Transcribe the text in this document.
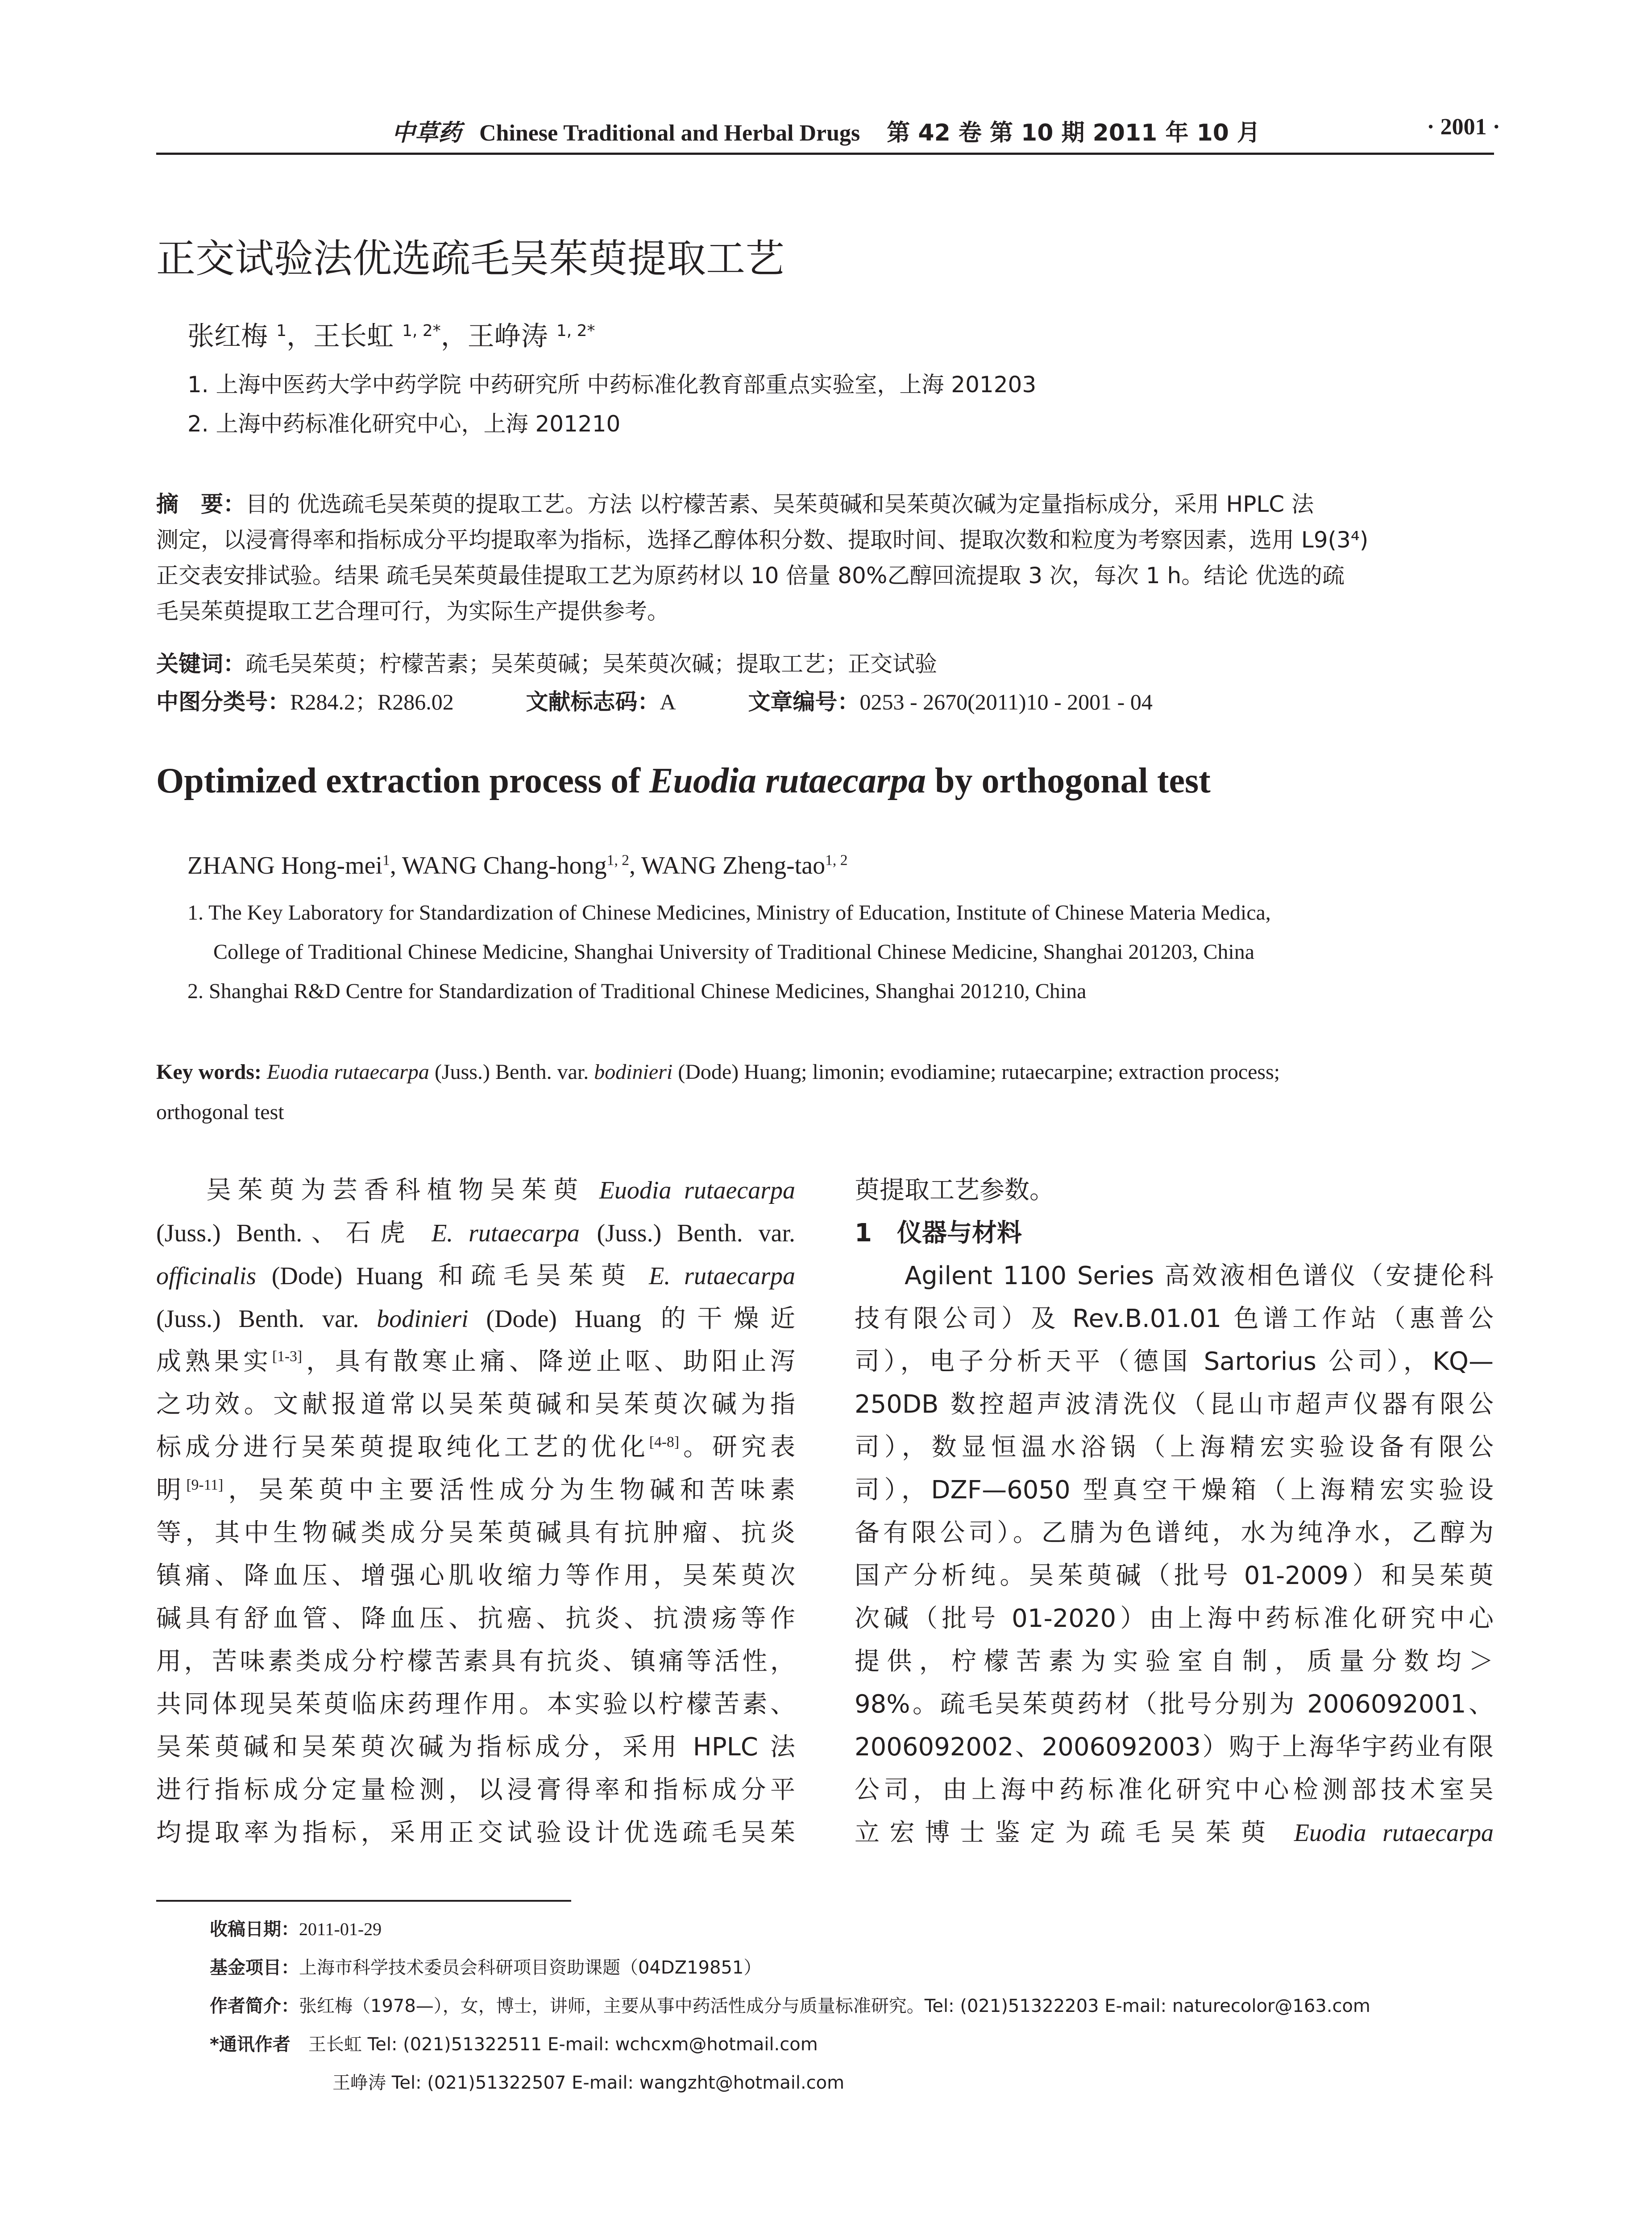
中草药 Chinese Traditional and Herbal Drugs 第 42 卷 第 10 期 2011 年 10 月	· 2001 ·
正交试验法优选疏毛吴茱萸提取工艺
张红梅 $^1$，王长虹 $^{1, 2*}$，王峥涛 $^{1, 2*}$
1. 上海中医药大学中药学院 中药研究所 中药标准化教育部重点实验室，上海 201203
2. 上海中药标准化研究中心，上海 201210
摘　要：目的 优选疏毛吴茱萸的提取工艺。方法 以柠檬苦素、吴茱萸碱和吴茱萸次碱为定量指标成分，采用 HPLC 法
测定，以浸膏得率和指标成分平均提取率为指标，选择乙醇体积分数、提取时间、提取次数和粒度为考察因素，选用 L9(3⁴)
正交表安排试验。结果 疏毛吴茱萸最佳提取工艺为原药材以 10 倍量 80%乙醇回流提取 3 次，每次 1 h。结论 优选的疏
毛吴茱萸提取工艺合理可行，为实际生产提供参考。
关键词：疏毛吴茱萸；柠檬苦素；吴茱萸碱；吴茱萸次碱；提取工艺；正交试验
中图分类号：R284.2；R286.02	文献标志码：A	文章编号：0253 - 2670(2011)10 - 2001 - 04
Optimized extraction process of Euodia rutaecarpa by orthogonal test
ZHANG Hong-mei$^1$, WANG Chang-hong$^{1, 2}$, WANG Zheng-tao$^{1, 2}$
1. The Key Laboratory for Standardization of Chinese Medicines, Ministry of Education, Institute of Chinese Materia Medica,
College of Traditional Chinese Medicine, Shanghai University of Traditional Chinese Medicine, Shanghai 201203, China
2. Shanghai R&D Centre for Standardization of Traditional Chinese Medicines, Shanghai 201210, China
Key words: Euodia rutaecarpa (Juss.) Benth. var. bodinieri (Dode) Huang; limonin; evodiamine; rutaecarpine; extraction process;
orthogonal test
吴茱萸为芸香科植物吴茱萸 Euodia rutaecarpa
(Juss.) Benth.、石虎 E. rutaecarpa (Juss.) Benth. var.
officinalis (Dode) Huang 和疏毛吴茱萸 E. rutaecarpa
(Juss.) Benth. var. bodinieri (Dode) Huang 的干燥近
成熟果实[1-3]，具有散寒止痛、降逆止呕、助阳止泻
之功效。文献报道常以吴茱萸碱和吴茱萸次碱为指
标成分进行吴茱萸提取纯化工艺的优化[4-8]。研究表
明[9-11]，吴茱萸中主要活性成分为生物碱和苦味素
等，其中生物碱类成分吴茱萸碱具有抗肿瘤、抗炎
镇痛、降血压、增强心肌收缩力等作用，吴茱萸次
碱具有舒血管、降血压、抗癌、抗炎、抗溃疡等作
用，苦味素类成分柠檬苦素具有抗炎、镇痛等活性，
共同体现吴茱萸临床药理作用。本实验以柠檬苦素、
吴茱萸碱和吴茱萸次碱为指标成分，采用 HPLC 法
进行指标成分定量检测，以浸膏得率和指标成分平
均提取率为指标，采用正交试验设计优选疏毛吴茱
萸提取工艺参数。
1　仪器与材料
Agilent 1100 Series 高效液相色谱仪（安捷伦科
技有限公司）及 Rev.B.01.01 色谱工作站（惠普公
司），电子分析天平（德国 Sartorius 公司），KQ—
250DB 数控超声波清洗仪（昆山市超声仪器有限公
司），数显恒温水浴锅（上海精宏实验设备有限公
司），DZF—6050 型真空干燥箱（上海精宏实验设
备有限公司）。乙腈为色谱纯，水为纯净水，乙醇为
国产分析纯。吴茱萸碱（批号 01-2009）和吴茱萸
次碱（批号 01-2020）由上海中药标准化研究中心
提供，柠檬苦素为实验室自制，质量分数均＞
98%。疏毛吴茱萸药材（批号分别为 2006092001、
2006092002、2006092003）购于上海华宇药业有限
公司，由上海中药标准化研究中心检测部技术室吴
立宏博士鉴定为疏毛吴茱萸 Euodia rutaecarpa
收稿日期：2011-01-29
基金项目：上海市科学技术委员会科研项目资助课题（04DZ19851）
作者简介：张红梅（1978—），女，博士，讲师，主要从事中药活性成分与质量标准研究。Tel: (021)51322203 E-mail: naturecolor@163.com
*通讯作者 王长虹 Tel: (021)51322511 E-mail: wchcxm@hotmail.com
王峥涛 Tel: (021)51322507 E-mail: wangzht@hotmail.com
